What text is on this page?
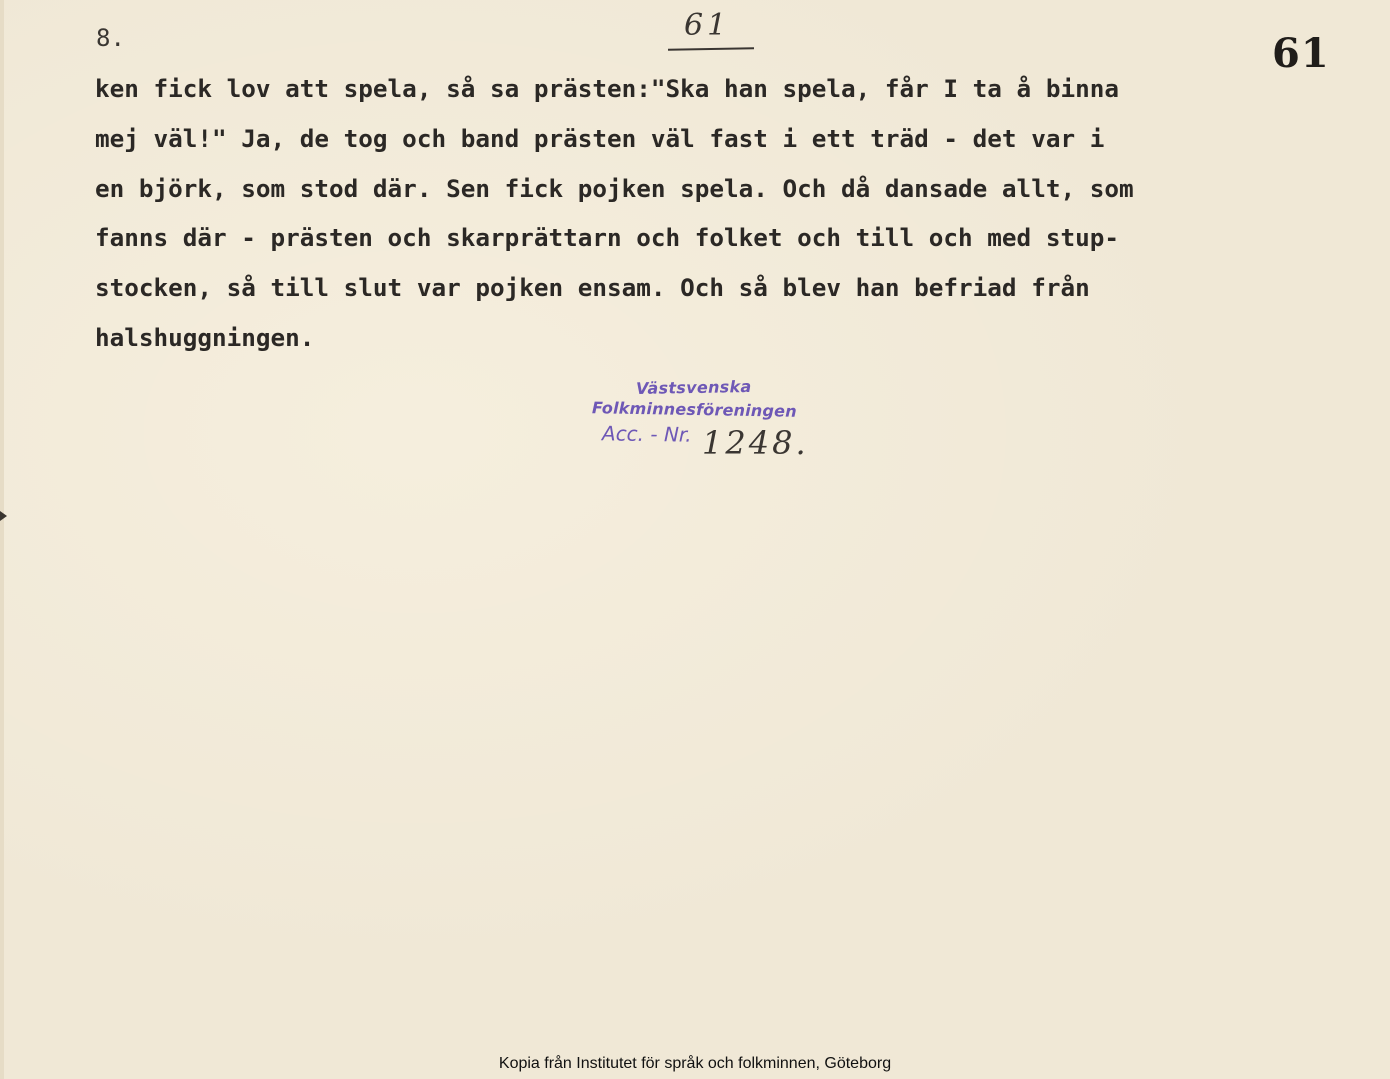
8.	61
61
ken fick lov att spela, så sa prästen:"Ska han spela, får I ta å binna
mej väl!" Ja, de tog och band prästen väl fast i ett träd - det var i
en björk, som stod där. Sen fick pojken spela. Och då dansade allt, som
fanns där - prästen och skarprättarn och folket och till och med stup-
stocken, så till slut var pojken ensam. Och så blev han befriad från
halshuggningen.
Västsvenska
Folkminnesföreningen
Acc. - Nr. 1248.
Kopia från Institutet för språk och folkminnen, Göteborg
